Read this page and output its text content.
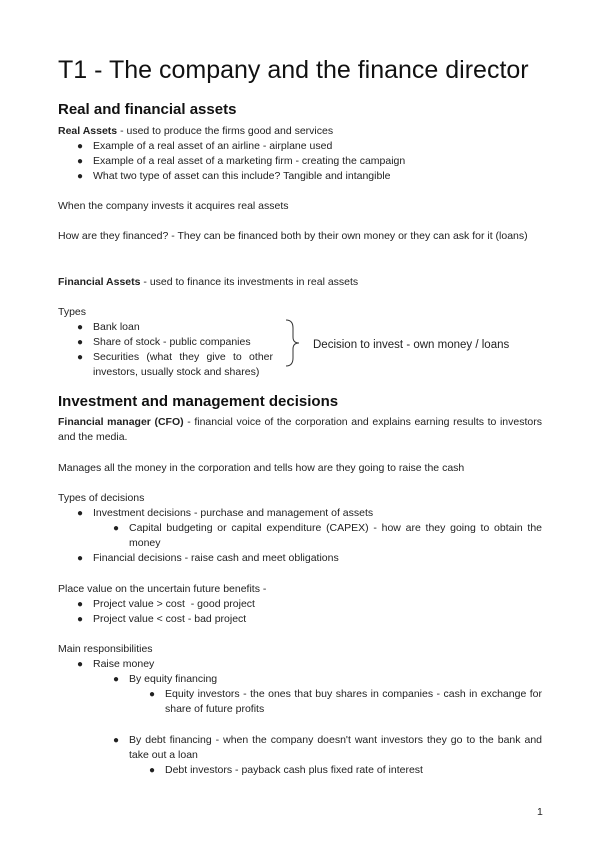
T1 - The company and the finance director
Real and financial assets

Real Assets - used to produce the firms good and services

● Example of a real asset of an airline - airplane used

● Example of a real asset of a marketing firm - creating the campaign

● What two type of asset can this include? Tangible and intangible

When the company invests it acquires real assets

How are they financed? - They can be financed both by their own money or they can ask for it (loans)

Financial Assets - used to finance its investments in real assets

Types

● Bank loan

● Share of stock - public companies

● Securities (what they give to other investors, usually stock and shares)

Decision to invest - own money / loans
Investment and management decisions

Financial manager (CFO) - financial voice of the corporation and explains earning results to investors and the media.

Manages all the money in the corporation and tells how are they going to raise the cash

Types of decisions

● Investment decisions - purchase and management of assets

● Capital budgeting or capital expenditure (CAPEX) - how are they going to obtain the money

● Financial decisions - raise cash and meet obligations

Place value on the uncertain future benefits -

● Project value > cost  - good project

● Project value < cost - bad project

Main responsibilities

● Raise money

● By equity financing

● Equity investors - the ones that buy shares in companies - cash in exchange for share of future profits

● By debt financing - when the company doesn't want investors they go to the bank and take out a loan

● Debt investors - payback cash plus fixed rate of interest

1
